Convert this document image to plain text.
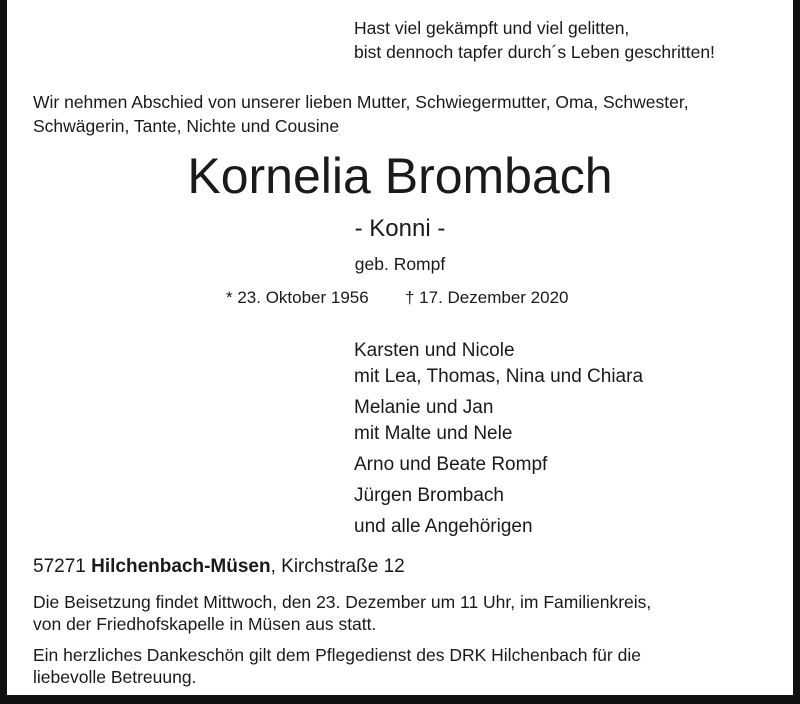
Hast viel gekämpft und viel gelitten,
bist dennoch tapfer durch´s Leben geschritten!
Wir nehmen Abschied von unserer lieben Mutter, Schwiegermutter, Oma, Schwester,
Schwägerin, Tante, Nichte und Cousine
Kornelia Brombach
- Konni -
geb. Rompf
* 23. Oktober 1956 † 17. Dezember 2020
Karsten und Nicole
mit Lea, Thomas, Nina und Chiara
Melanie und Jan
mit Malte und Nele
Arno und Beate Rompf
Jürgen Brombach
und alle Angehörigen
57271 Hilchenbach-Müsen, Kirchstraße 12
Die Beisetzung findet Mittwoch, den 23. Dezember um 11 Uhr, im Familienkreis,
von der Friedhofskapelle in Müsen aus statt.
Ein herzliches Dankeschön gilt dem Pflegedienst des DRK Hilchenbach für die
liebevolle Betreuung.
